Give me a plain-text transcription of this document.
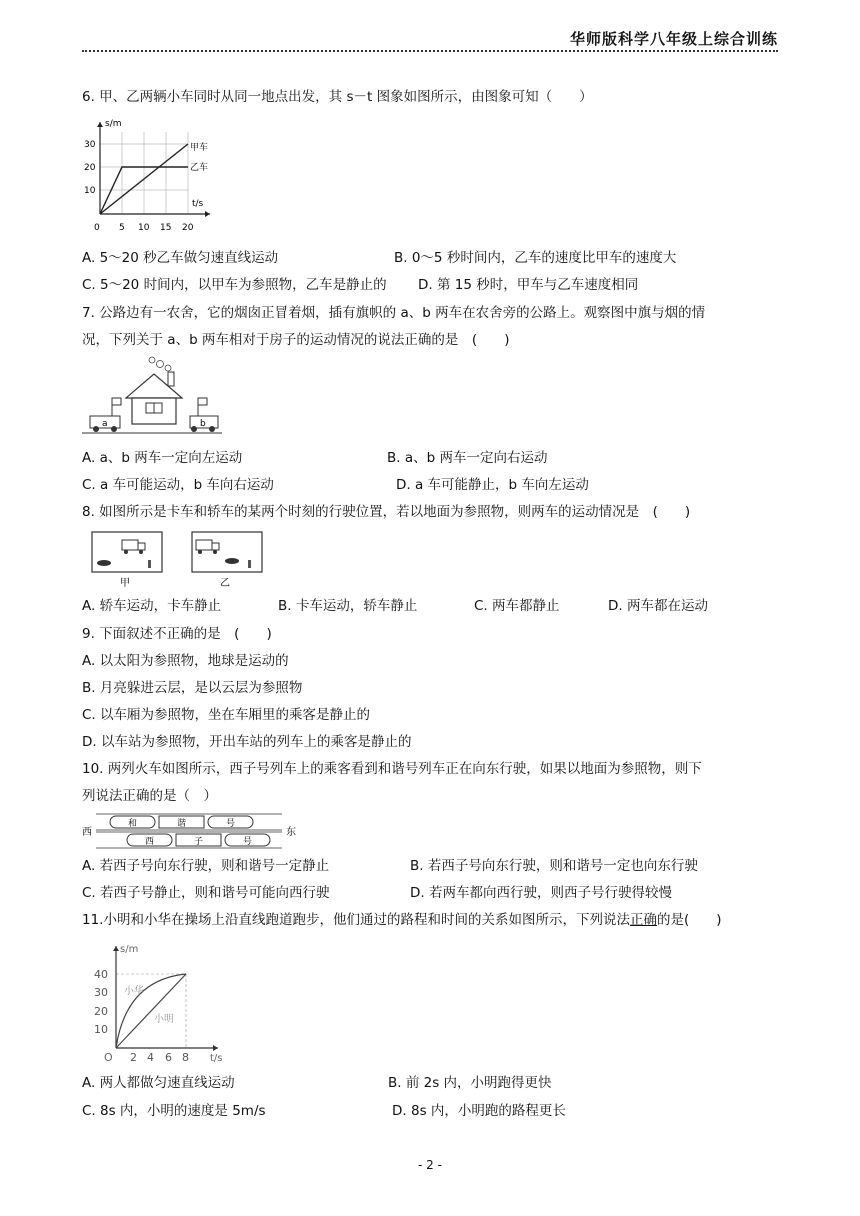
华师版科学八年级上综合训练
6. 甲、乙两辆小车同时从同一地点出发，其 s－t 图象如图所示，由图象可知（　　）
s/m
t/s
30
20
10
0 5 10 15 20
甲车
乙车
A. 5～20 秒乙车做匀速直线运动	B. 0～5 秒时间内，乙车的速度比甲车的速度大
C. 5～20 时间内，以甲车为参照物，乙车是静止的 D. 第 15 秒时，甲车与乙车速度相同
7. 公路边有一农舍，它的烟囱正冒着烟，插有旗帜的 a、b 两车在农舍旁的公路上。观察图中旗与烟的情
况，下列关于 a、b 两车相对于房子的运动情况的说法正确的是　(　　)
a	b
A. a、b 两车一定向左运动	B. a、b 两车一定向右运动
C. a 车可能运动，b 车向右运动	D. a 车可能静止，b 车向左运动
8. 如图所示是卡车和轿车的某两个时刻的行驶位置，若以地面为参照物，则两车的运动情况是　(　　)
甲	乙
A. 轿车运动，卡车静止	B. 卡车运动，轿车静止	C. 两车都静止	D. 两车都在运动
9. 下面叙述不正确的是　(　　)
A. 以太阳为参照物，地球是运动的
B. 月亮躲进云层，是以云层为参照物
C. 以车厢为参照物，坐在车厢里的乘客是静止的
D. 以车站为参照物，开出车站的列车上的乘客是静止的
10. 两列火车如图所示，西子号列车上的乘客看到和谐号列车正在向东行驶，如果以地面为参照物，则下
列说法正确的是（　）
西	东
和	谐	号
西	子	号
A. 若西子号向东行驶，则和谐号一定静止	B. 若西子号向东行驶，则和谐号一定也向东行驶
C. 若西子号静止，则和谐号可能向西行驶	D. 若两车都向西行驶，则西子号行驶得较慢
11.小明和小华在操场上沿直线跑道跑步，他们通过的路程和时间的关系如图所示，下列说法正确的是(　　)
s/m
t/s
O
40
30
20
10
2 4 6 8
小华
小明
A. 两人都做匀速直线运动	B. 前 2s 内，小明跑得更快
C. 8s 内，小明的速度是 5m/s	D. 8s 内，小明跑的路程更长
- 2 -
